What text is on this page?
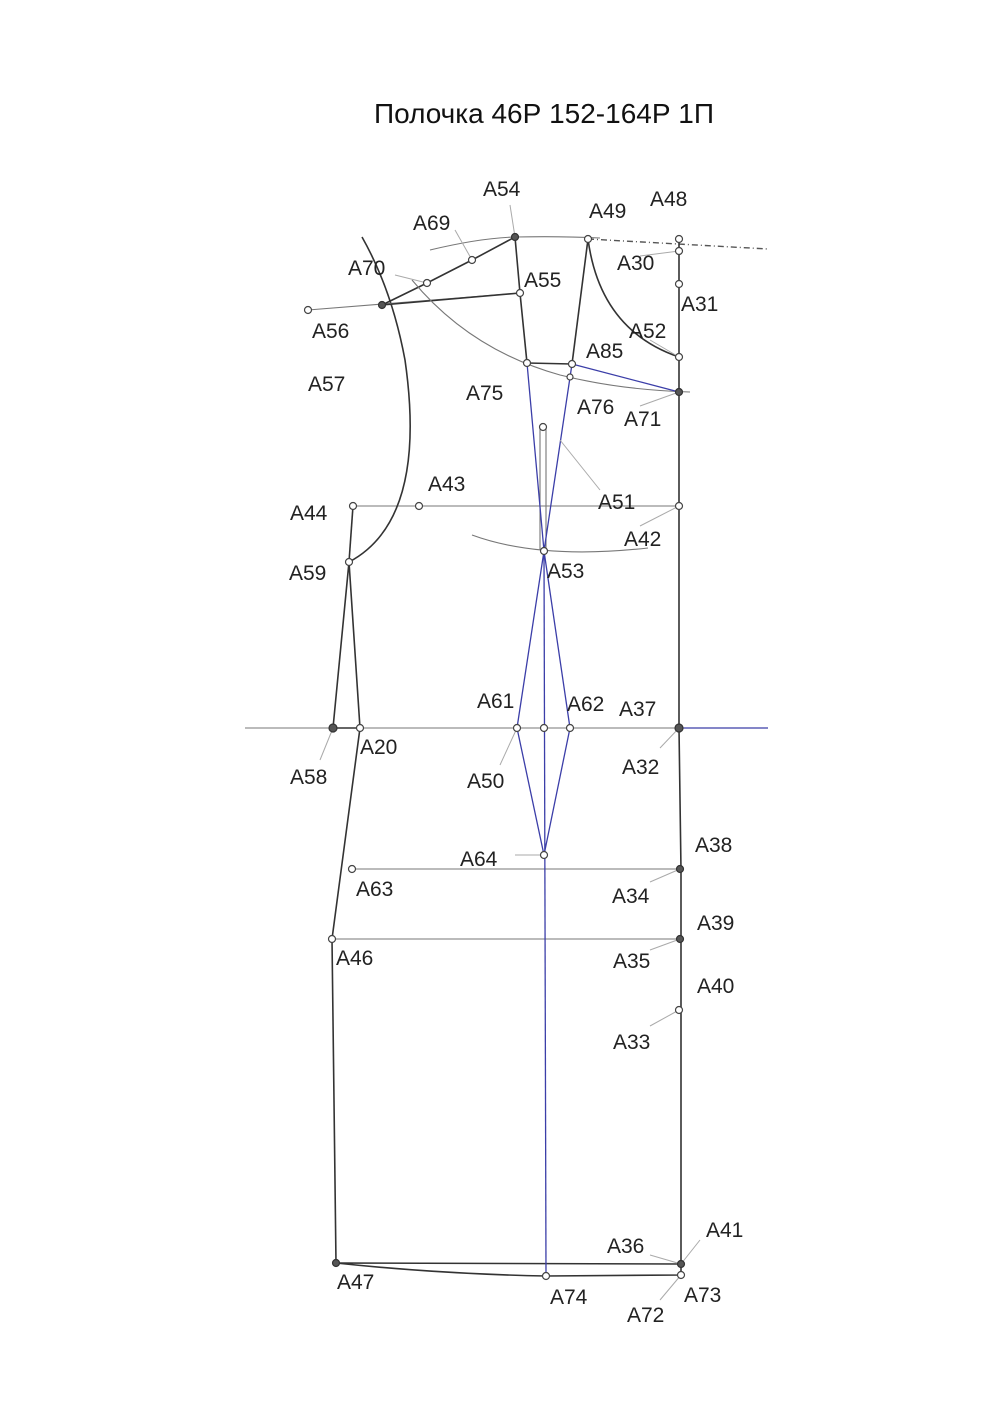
Полочка 46Р 152-164Р 1П
А54
А49
А48
А69
А30
А70
А55
А31
А56	А52
А85
А57	А75
А76
А71
А43
А51
А44
А42
А59	А53
А61	А62 А37
А20
А58	А32
А50
А38
А64
А63	А34
А39
А46	А35
А40
А33
А41
А36
А47
А73
А74
А72
